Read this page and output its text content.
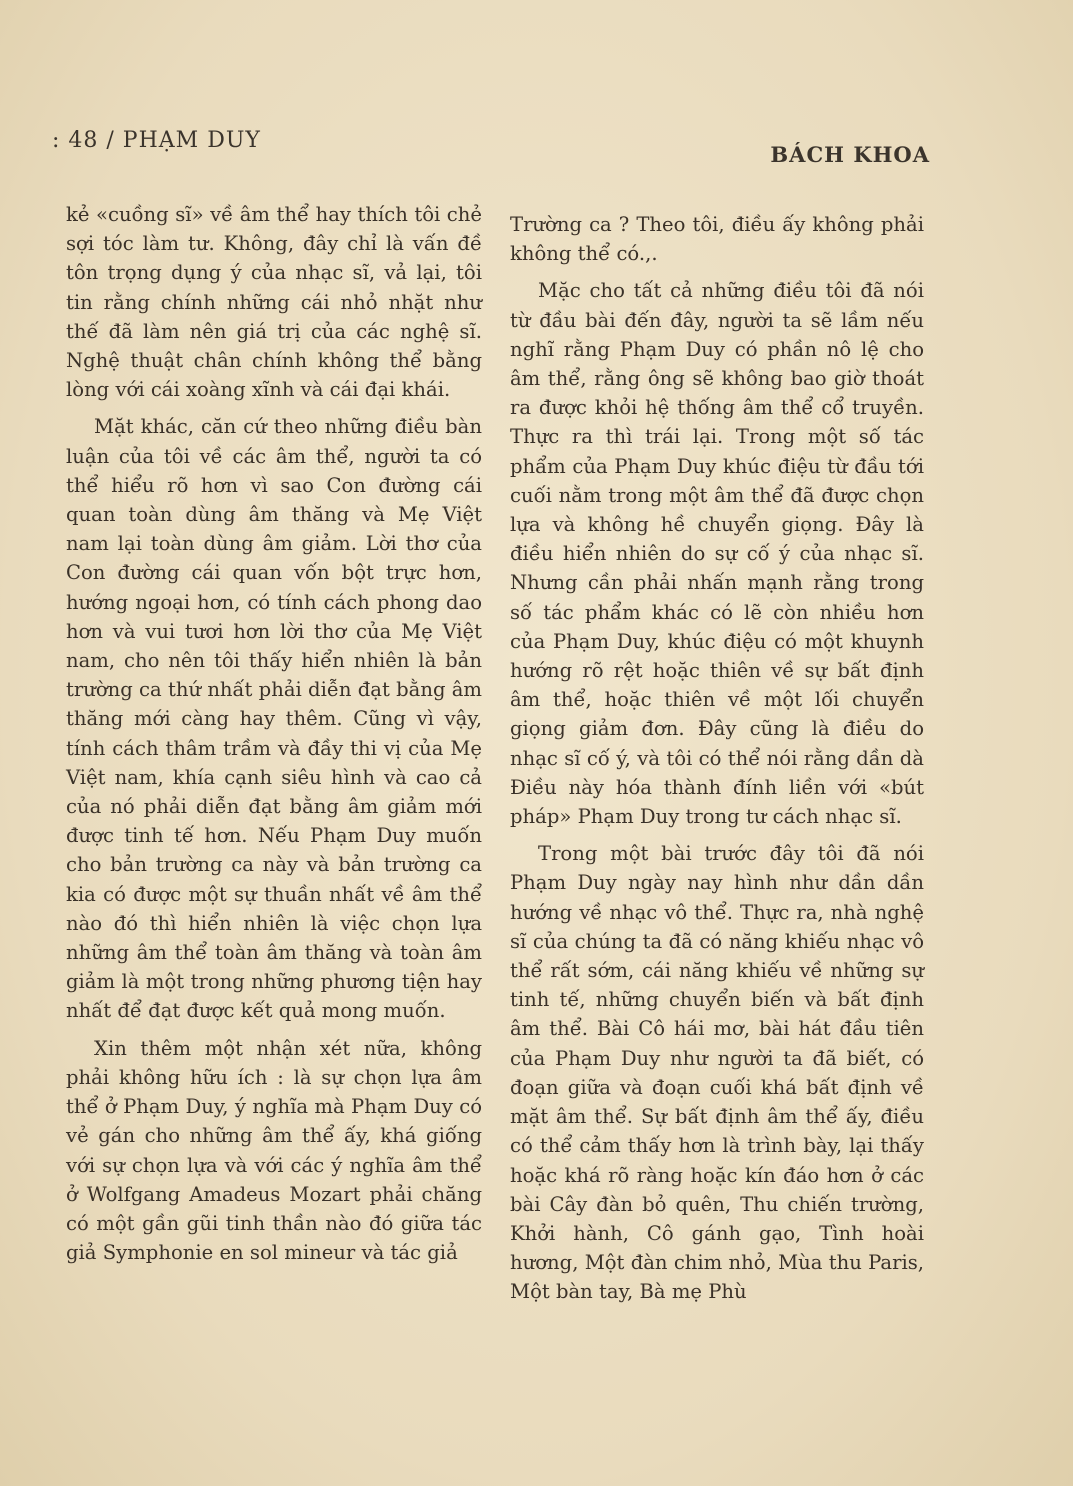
: 48 / PHẠM DUY
BÁCH KHOA

kẻ «cuồng sĩ» về âm thể hay thích tôi chẻ sợi tóc làm tư. Không, đây chỉ là vấn đề tôn trọng dụng ý của nhạc sĩ, vả lại, tôi tin rằng chính những cái nhỏ nhặt như thế đã làm nên giá trị của các nghệ sĩ. Nghệ thuật chân chính không thể bằng lòng với cái xoàng xĩnh và cái đại khái.

Mặt khác, căn cứ theo những điều bàn luận của tôi về các âm thể, người ta có thể hiểu rõ hơn vì sao Con đường cái quan toàn dùng âm thăng và Mẹ Việt nam lại toàn dùng âm giảm. Lời thơ của Con đường cái quan vốn bột trực hơn, hướng ngoại hơn, có tính cách phong dao hơn và vui tươi hơn lời thơ của Mẹ Việt nam, cho nên tôi thấy hiển nhiên là bản trường ca thứ nhất phải diễn đạt bằng âm thăng mới càng hay thêm. Cũng vì vậy, tính cách thâm trầm và đầy thi vị của Mẹ Việt nam, khía cạnh siêu hình và cao cả của nó phải diễn đạt bằng âm giảm mới được tinh tế hơn. Nếu Phạm Duy muốn cho bản trường ca này và bản trường ca kia có được một sự thuần nhất về âm thể nào đó thì hiển nhiên là việc chọn lựa những âm thể toàn âm thăng và toàn âm giảm là một trong những phương tiện hay nhất để đạt được kết quả mong muốn.

Xin thêm một nhận xét nữa, không phải không hữu ích : là sự chọn lựa âm thể ở Phạm Duy, ý nghĩa mà Phạm Duy có vẻ gán cho những âm thể ấy, khá giống với sự chọn lựa và với các ý nghĩa âm thể ở Wolfgang Amadeus Mozart phải chăng có một gần gũi tinh thần nào đó giữa tác giả Symphonie en sol mineur và tác giả

Trường ca ? Theo tôi, điều ấy không phải không thể có.,.

Mặc cho tất cả những điều tôi đã nói từ đầu bài đến đây, người ta sẽ lầm nếu nghĩ rằng Phạm Duy có phần nô lệ cho âm thể, rằng ông sẽ không bao giờ thoát ra được khỏi hệ thống âm thể cổ truyền. Thực ra thì trái lại. Trong một số tác phẩm của Phạm Duy khúc điệu từ đầu tới cuối nằm trong một âm thể đã được chọn lựa và không hề chuyển giọng. Đây là điều hiển nhiên do sự cố ý của nhạc sĩ. Nhưng cần phải nhấn mạnh rằng trong số tác phẩm khác có lẽ còn nhiều hơn của Phạm Duy, khúc điệu có một khuynh hướng rõ rệt hoặc thiên về sự bất định âm thể, hoặc thiên về một lối chuyển giọng giảm đơn. Đây cũng là điều do nhạc sĩ cố ý, và tôi có thể nói rằng dần dà Điều này hóa thành đính liền với «bút pháp» Phạm Duy trong tư cách nhạc sĩ.

Trong một bài trước đây tôi đã nói Phạm Duy ngày nay hình như dần dần hướng về nhạc vô thể. Thực ra, nhà nghệ sĩ của chúng ta đã có năng khiếu nhạc vô thể rất sớm, cái năng khiếu về những sự tinh tế, những chuyển biến và bất định âm thể. Bài Cô hái mơ, bài hát đầu tiên của Phạm Duy như người ta đã biết, có đoạn giữa và đoạn cuối khá bất định về mặt âm thể. Sự bất định âm thể ấy, điều có thể cảm thấy hơn là trình bày, lại thấy hoặc khá rõ ràng hoặc kín đáo hơn ở các bài Cây đàn bỏ quên, Thu chiến trường, Khởi hành, Cô gánh gạo, Tình hoài hương, Một đàn chim nhỏ, Mùa thu Paris, Một bàn tay, Bà mẹ Phù
